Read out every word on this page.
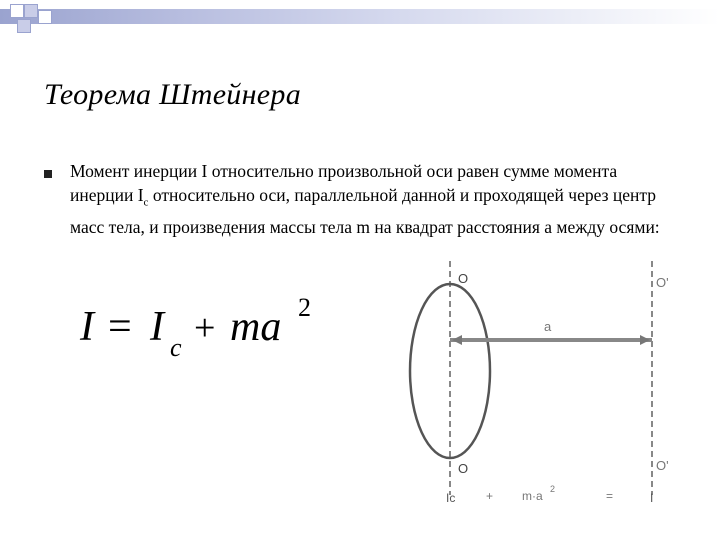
Теорема Штейнера
Момент инерции I относительно произвольной оси равен сумме момента инерции $I_c$ относительно оси, параллельной данной и проходящей через центр масс тела, и произведения массы тела m на квадрат расстояния а между осями:
I = I c + ma 2
O	O'
a
O	O'
Ic	+ m·a 2	=	I
